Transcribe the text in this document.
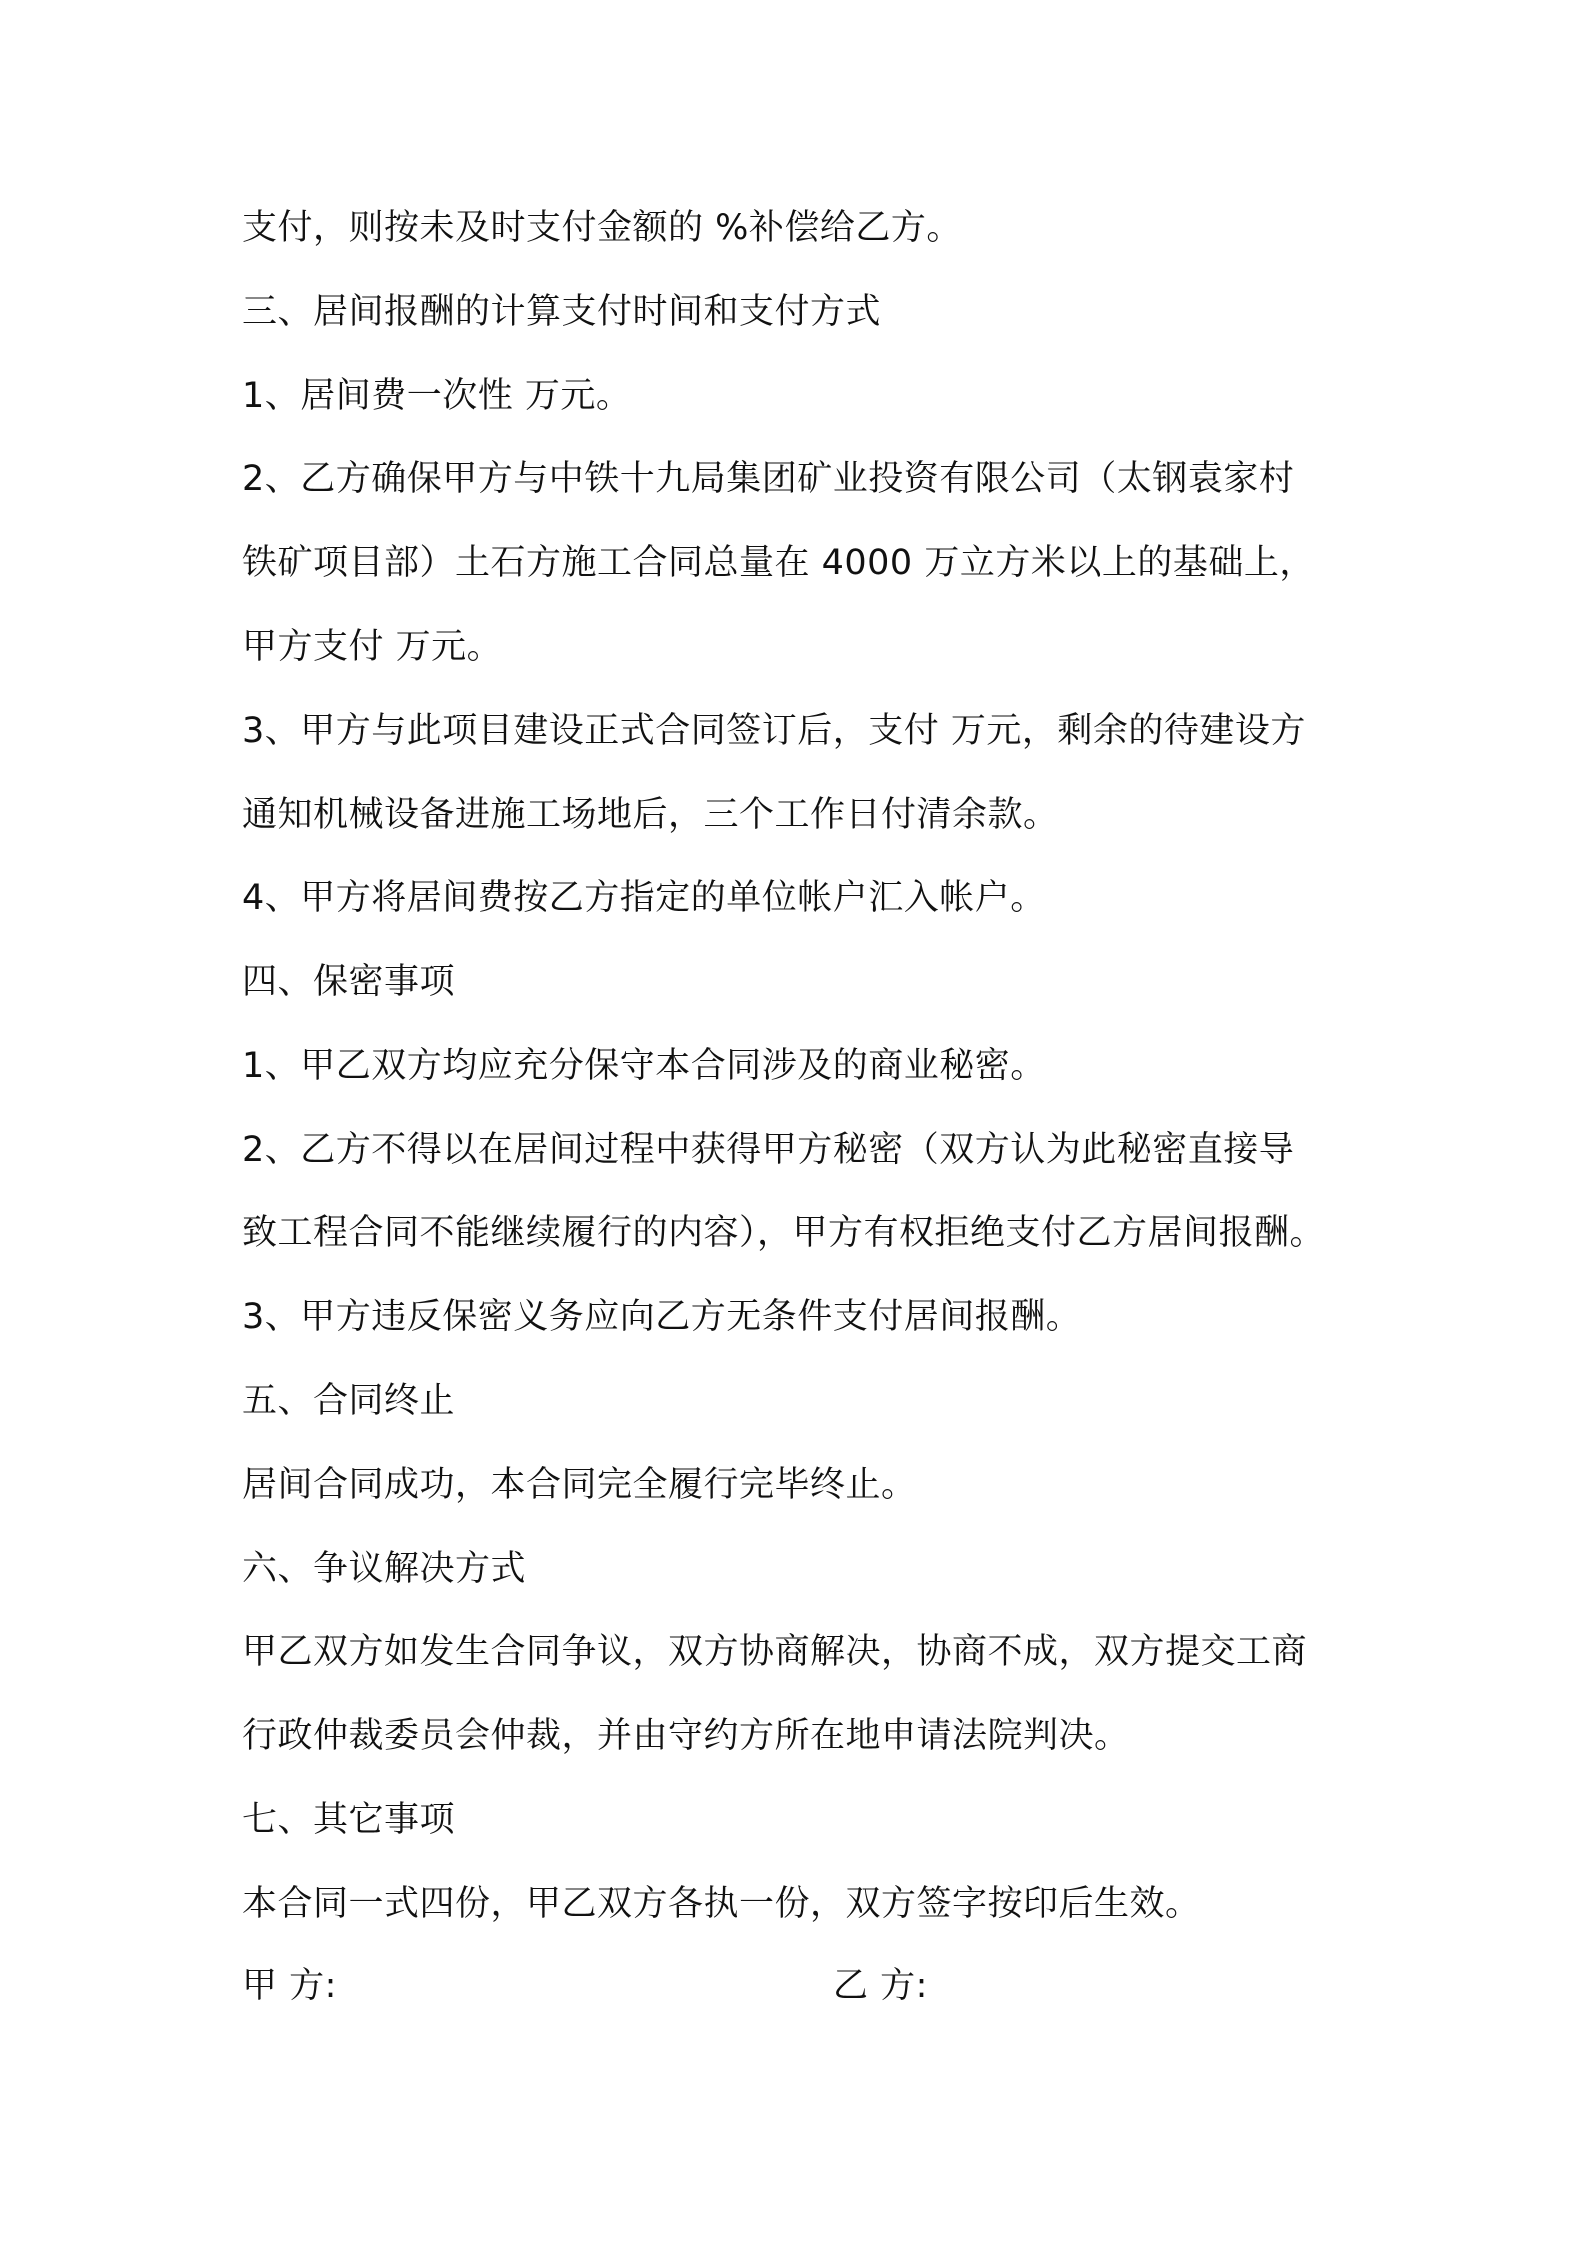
支付，则按未及时支付金额的 %补偿给乙方。
三、居间报酬的计算支付时间和支付方式
1、居间费一次性 万元。
2、乙方确保甲方与中铁十九局集团矿业投资有限公司（太钢袁家村
铁矿项目部）土石方施工合同总量在 4000 万立方米以上的基础上，
甲方支付 万元。
3、甲方与此项目建设正式合同签订后，支付 万元，剩余的待建设方
通知机械设备进施工场地后，三个工作日付清余款。
4、甲方将居间费按乙方指定的单位帐户汇入帐户。
四、保密事项
1、甲乙双方均应充分保守本合同涉及的商业秘密。
2、乙方不得以在居间过程中获得甲方秘密（双方认为此秘密直接导
致工程合同不能继续履行的内容），甲方有权拒绝支付乙方居间报酬。
3、甲方违反保密义务应向乙方无条件支付居间报酬。
五、合同终止
居间合同成功，本合同完全履行完毕终止。
六、争议解决方式
甲乙双方如发生合同争议，双方协商解决，协商不成，双方提交工商
行政仲裁委员会仲裁，并由守约方所在地申请法院判决。
七、其它事项
本合同一式四份，甲乙双方各执一份，双方签字按印后生效。
甲 方:	乙 方:
